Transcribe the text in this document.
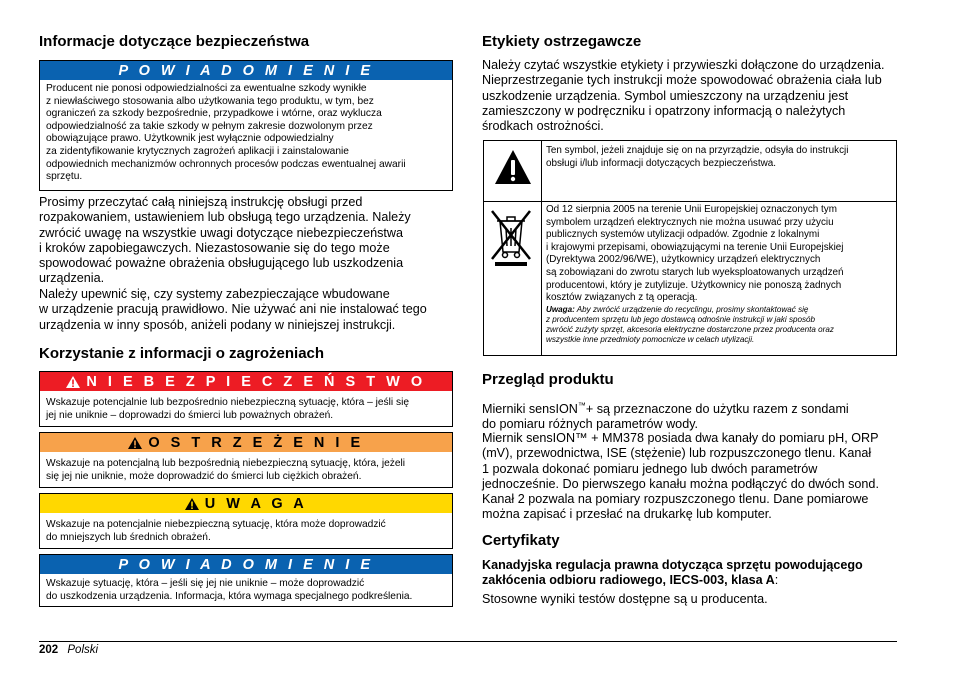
Informacje dotyczące bezpieczeństwa
P O W I A D O M I E N I E
Producent nie ponosi odpowiedzialności za ewentualne szkody wynikłe
z niewłaściwego stosowania albo użytkowania tego produktu, w tym, bez
ograniczeń za szkody bezpośrednie, przypadkowe i wtórne, oraz wyklucza
odpowiedzialność za takie szkody w pełnym zakresie dozwolonym przez
obowiązujące prawo. Użytkownik jest wyłącznie odpowiedzialny
za zidentyfikowanie krytycznych zagrożeń aplikacji i zainstalowanie
odpowiednich mechanizmów ochronnych procesów podczas ewentualnej awarii
sprzętu.
Prosimy przeczytać całą niniejszą instrukcję obsługi przed
rozpakowaniem, ustawieniem lub obsługą tego urządzenia. Należy
zwrócić uwagę na wszystkie uwagi dotyczące niebezpieczeństwa
i kroków zapobiegawczych. Niezastosowanie się do tego może
spowodować poważne obrażenia obsługującego lub uszkodzenia
urządzenia.
Należy upewnić się, czy systemy zabezpieczające wbudowane
w urządzenie pracują prawidłowo. Nie używać ani nie instalować tego
urządzenia w inny sposób, aniżeli podany w niniejszej instrukcji.
Korzystanie z informacji o zagrożeniach
N I E B E Z P I E C Z E Ń S T W O
Wskazuje potencjalnie lub bezpośrednio niebezpieczną sytuację, która – jeśli się
jej nie uniknie – doprowadzi do śmierci lub poważnych obrażeń.
O S T R Z E Ż E N I E
Wskazuje na potencjalną lub bezpośrednią niebezpieczną sytuację, która, jeżeli
się jej nie uniknie, może doprowadzić do śmierci lub ciężkich obrażeń.
U W A G A
Wskazuje na potencjalnie niebezpieczną sytuację, która może doprowadzić
do mniejszych lub średnich obrażeń.
P O W I A D O M I E N I E
Wskazuje sytuację, która – jeśli się jej nie uniknie – może doprowadzić
do uszkodzenia urządzenia. Informacja, która wymaga specjalnego podkreślenia.
Etykiety ostrzegawcze
Należy czytać wszystkie etykiety i przywieszki dołączone do urządzenia.
Nieprzestrzeganie tych instrukcji może spowodować obrażenia ciała lub
uszkodzenie urządzenia. Symbol umieszczony na urządzeniu jest
zamieszczony w podręczniku i opatrzony informacją o należytych
środkach ostrożności.
Ten symbol, jeżeli znajduje się on na przyrządzie, odsyła do instrukcji
obsługi i/lub informacji dotyczących bezpieczeństwa.
Od 12 sierpnia 2005 na terenie Unii Europejskiej oznaczonych tym
symbolem urządzeń elektrycznych nie można usuwać przy użyciu
publicznych systemów utylizacji odpadów. Zgodnie z lokalnymi
i krajowymi przepisami, obowiązującymi na terenie Unii Europejskiej
(Dyrektywa 2002/96/WE), użytkownicy urządzeń elektrycznych
są zobowiązani do zwrotu starych lub wyeksploatowanych urządzeń
producentowi, który je zutylizuje. Użytkownicy nie ponoszą żadnych
kosztów związanych z tą operacją.
Uwaga: Aby zwrócić urządzenie do recyclingu, prosimy skontaktować się
z producentem sprzętu lub jego dostawcą odnośnie instrukcji w jaki sposób
zwrócić zużyty sprzęt, akcesoria elektryczne dostarczone przez producenta oraz
wszystkie inne przedmioty pomocnicze w celach utylizacji.
Przegląd produktu
Mierniki sensION™+ są przeznaczone do użytku razem z sondami
do pomiaru różnych parametrów wody.
Miernik sensION™ + MM378 posiada dwa kanały do pomiaru pH, ORP
(mV), przewodnictwa, ISE (stężenie) lub rozpuszczonego tlenu. Kanał
1 pozwala dokonać pomiaru jednego lub dwóch parametrów
jednocześnie. Do pierwszego kanału można podłączyć do dwóch sond.
Kanał 2 pozwala na pomiary rozpuszczonego tlenu. Dane pomiarowe
można zapisać i przesłać na drukarkę lub komputer.
Certyfikaty
Kanadyjska regulacja prawna dotycząca sprzętu powodującego
zakłócenia odbioru radiowego, IECS-003, klasa A:
Stosowne wyniki testów dostępne są u producenta.
202 Polski
